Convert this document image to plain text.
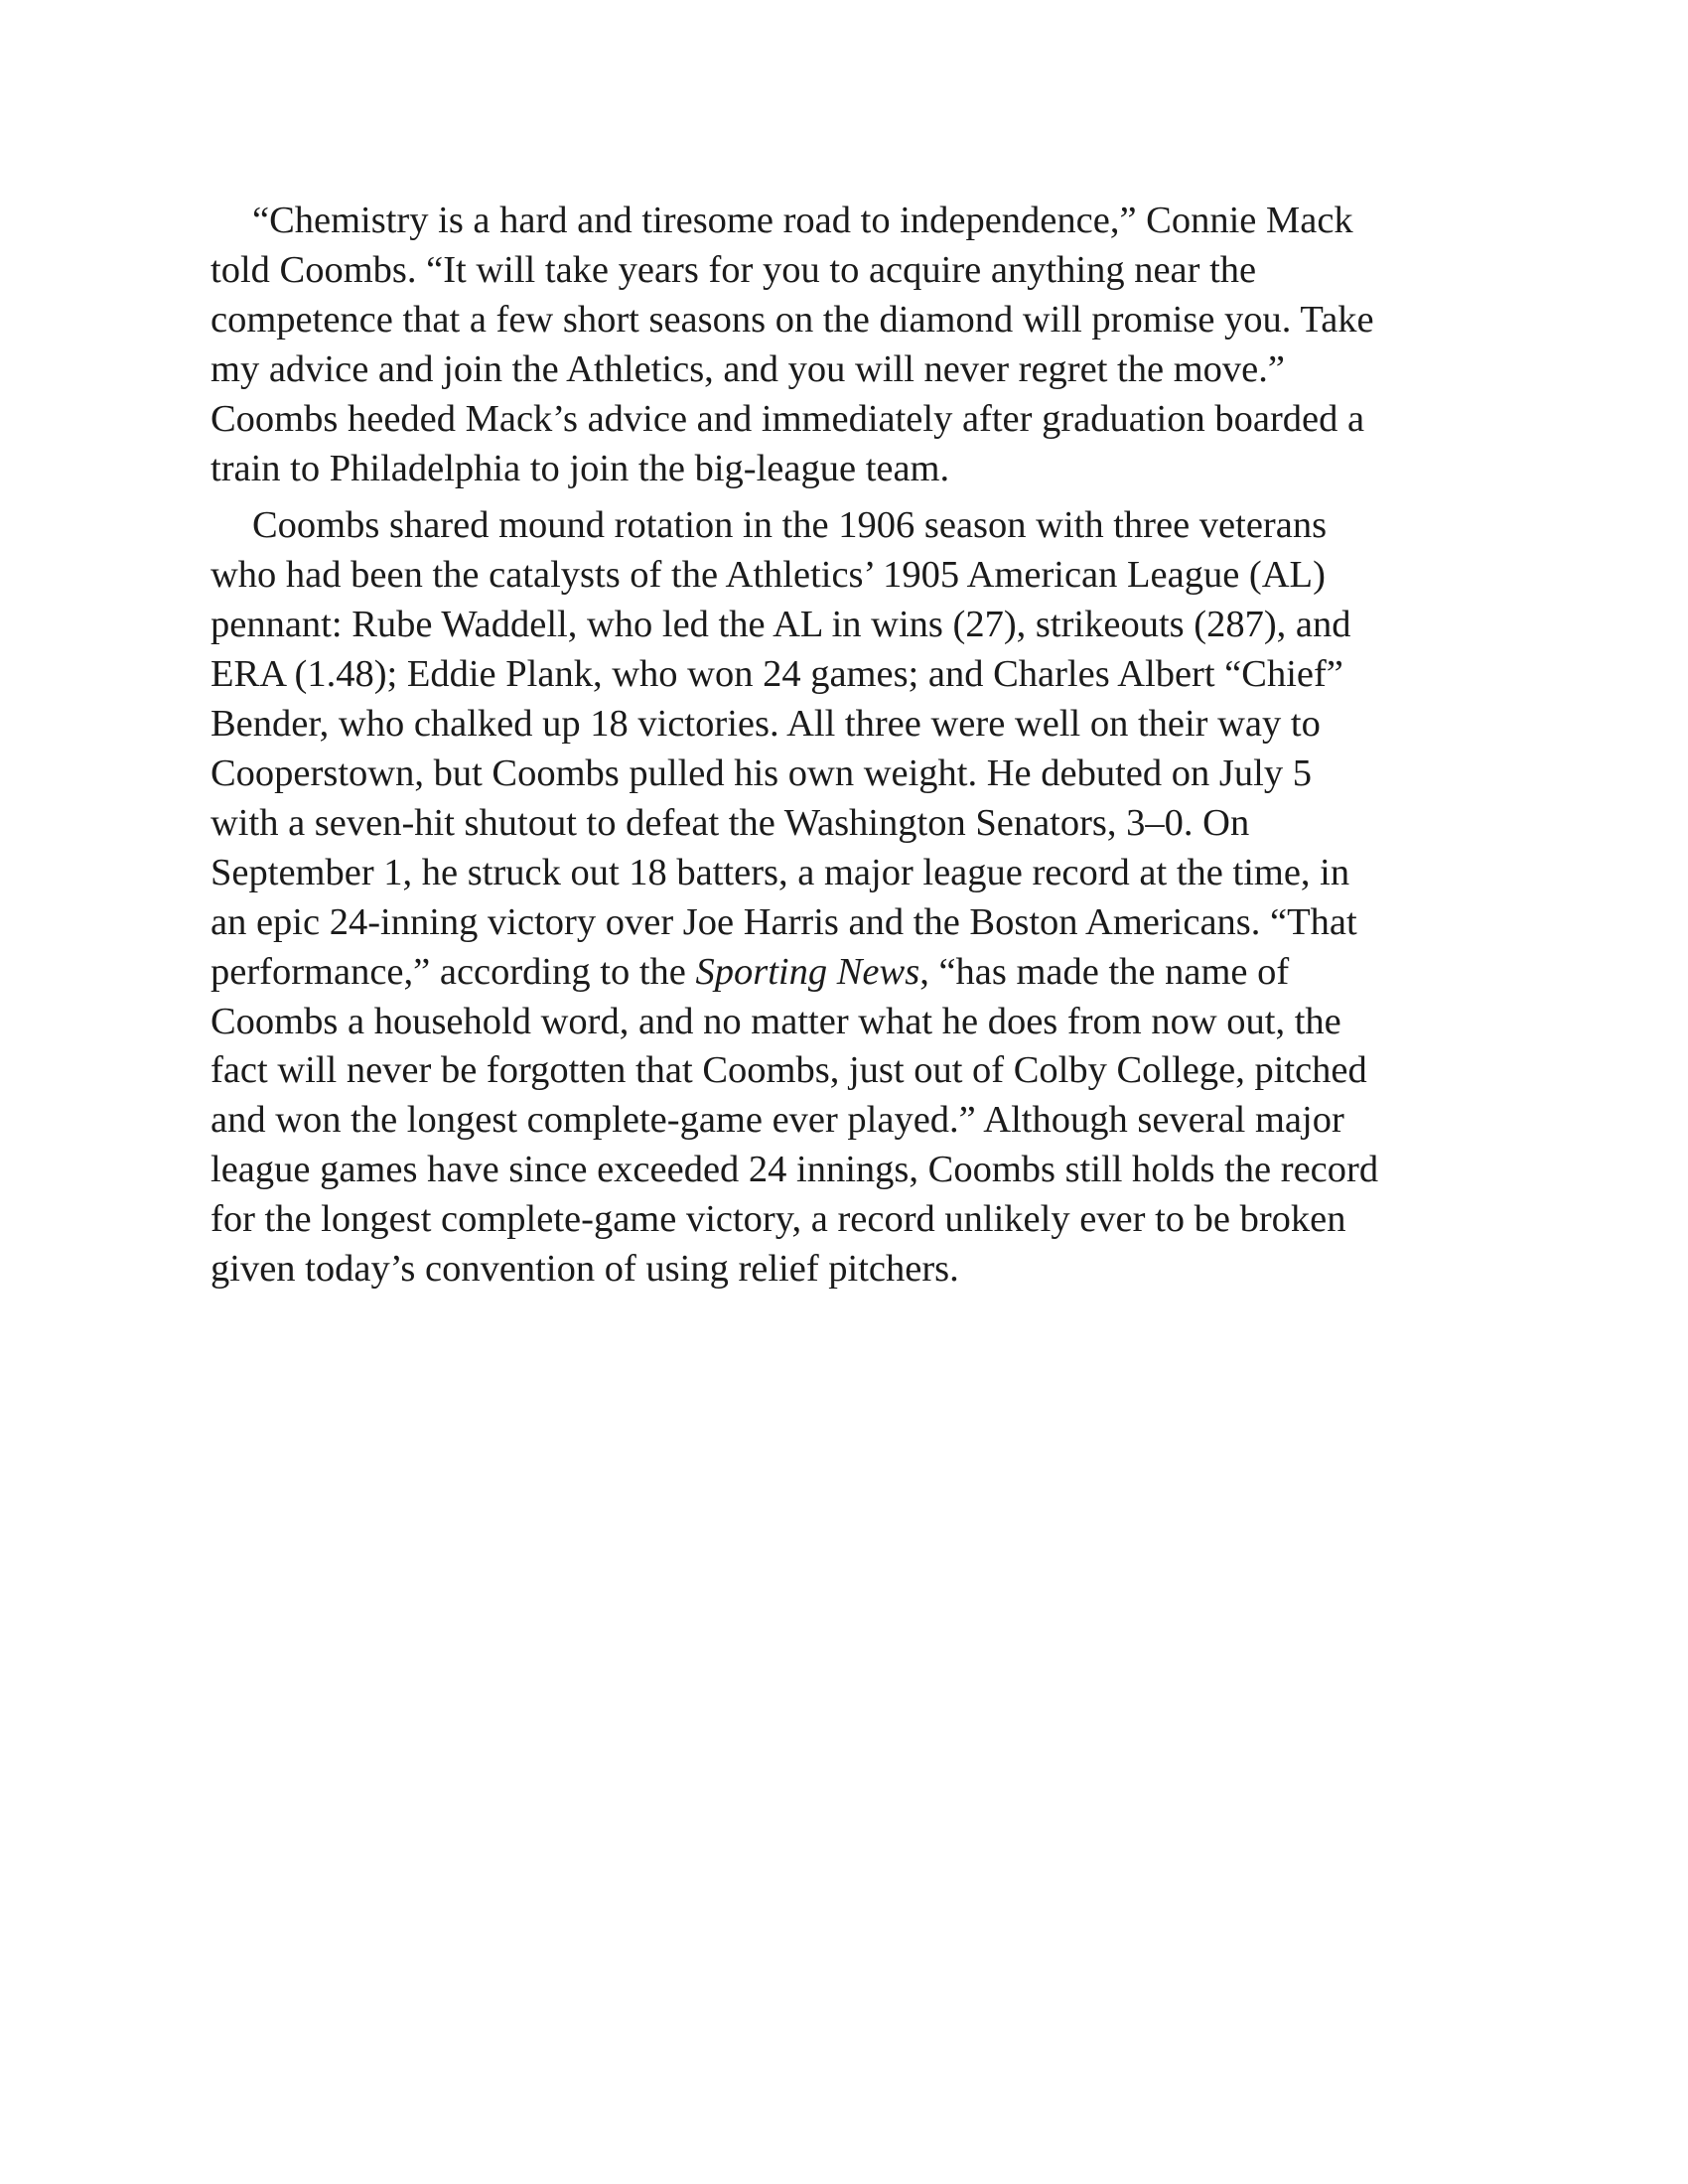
“Chemistry is a hard and tiresome road to independence,” Connie Mack
told Coombs. “It will take years for you to acquire anything near the
competence that a few short seasons on the diamond will promise you. Take
my advice and join the Athletics, and you will never regret the move.”
Coombs heeded Mack’s advice and immediately after graduation boarded a
train to Philadelphia to join the big-league team.

Coombs shared mound rotation in the 1906 season with three veterans
who had been the catalysts of the Athletics’ 1905 American League (AL)
pennant: Rube Waddell, who led the AL in wins (27), strikeouts (287), and
ERA (1.48); Eddie Plank, who won 24 games; and Charles Albert “Chief”
Bender, who chalked up 18 victories. All three were well on their way to
Cooperstown, but Coombs pulled his own weight. He debuted on July 5
with a seven-hit shutout to defeat the Washington Senators, 3–0. On
September 1, he struck out 18 batters, a major league record at the time, in
an epic 24-inning victory over Joe Harris and the Boston Americans. “That
performance,” according to the Sporting News, “has made the name of
Coombs a household word, and no matter what he does from now out, the
fact will never be forgotten that Coombs, just out of Colby College, pitched
and won the longest complete-game ever played.” Although several major
league games have since exceeded 24 innings, Coombs still holds the record
for the longest complete-game victory, a record unlikely ever to be broken
given today’s convention of using relief pitchers.
